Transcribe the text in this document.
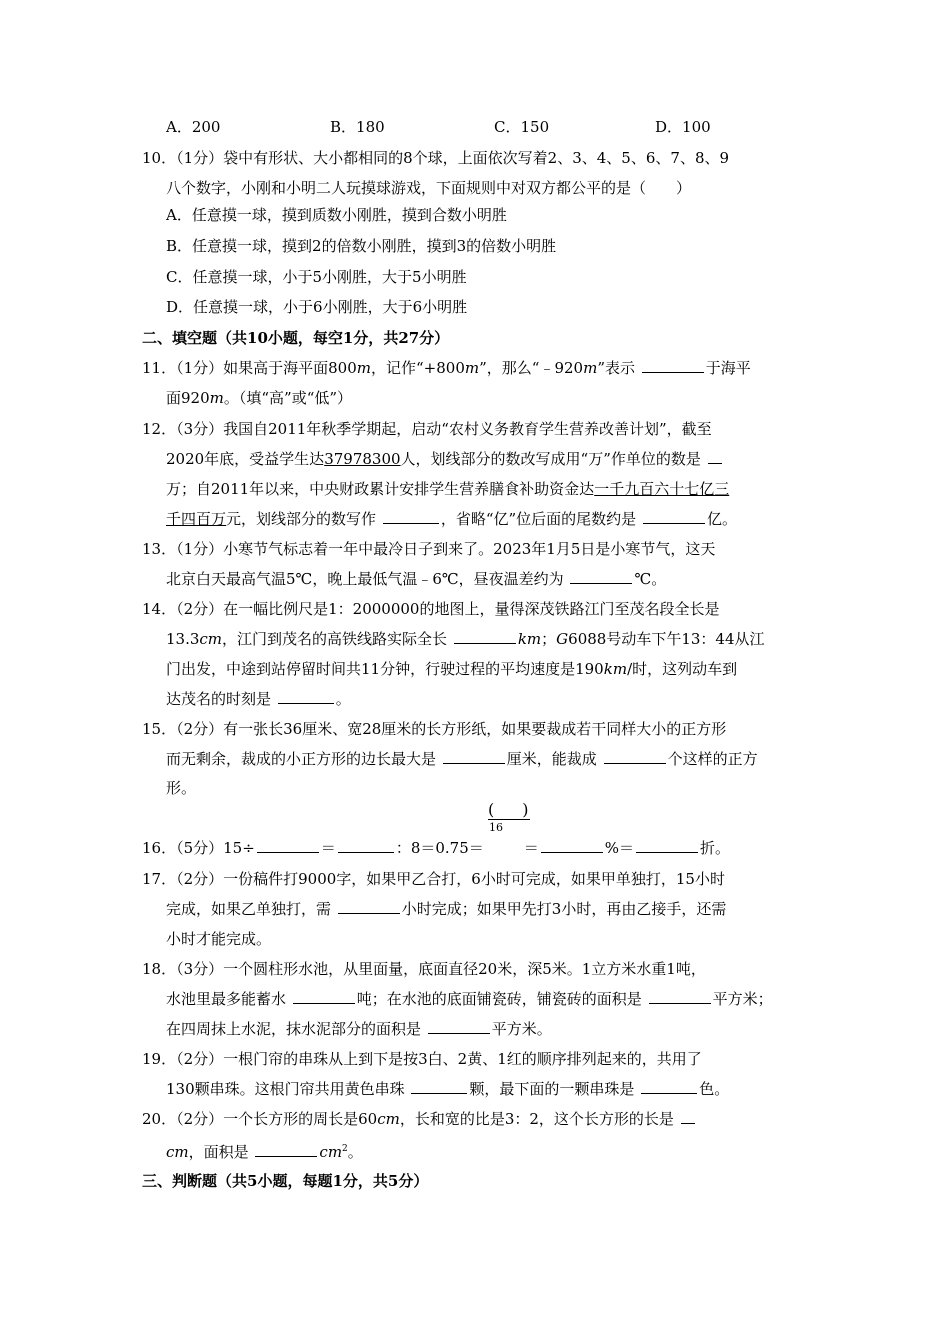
A．200	B．180	C．150	D．100
10．（1分）袋中有形状、大小都相同的8个球，上面依次写着2、3、4、5、6、7、8、9
八个数字，小刚和小明二人玩摸球游戏，下面规则中对双方都公平的是（　　）
A．任意摸一球，摸到质数小刚胜，摸到合数小明胜
B．任意摸一球，摸到2的倍数小刚胜，摸到3的倍数小明胜
C．任意摸一球，小于5小刚胜，大于5小明胜
D．任意摸一球，小于6小刚胜，大于6小明胜
二、填空题（共10小题，每空1分，共27分）
11．（1分）如果高于海平面800m，记作“+800m”，那么“﹣920m”表示	于海平
面920m。（填“高”或“低”）
12．（3分）我国自2011年秋季学期起，启动“农村义务教育学生营养改善计划”，截至
2020年底，受益学生达37978300人，划线部分的数改写成用“万”作单位的数是
万；自2011年以来，中央财政累计安排学生营养膳食补助资金达一千九百六十七亿三
千四百万元，划线部分的数写作	，省略“亿”位后面的尾数约是	亿。
13．（1分）小寒节气标志着一年中最冷日子到来了。2023年1月5日是小寒节气，这天
北京白天最高气温5℃，晚上最低气温﹣6℃，昼夜温差约为	℃。
14．（2分）在一幅比例尺是1：2000000的地图上，量得深茂铁路江门至茂名段全长是
13.3cm，江门到茂名的高铁线路实际全长	km；G6088号动车下午13：44从江
门出发，中途到站停留时间共11分钟，行驶过程的平均速度是190km/时，这列动车到
达茂名的时刻是	。
15．（2分）有一张长36厘米、宽28厘米的长方形纸，如果要裁成若干同样大小的正方形
而无剩余，裁成的小正方形的边长最大是	厘米，能裁成	个这样的正方
形。
()
16
16．（5分）15÷	＝	：8＝0.75＝	＝	%＝	折。
17．（2分）一份稿件打9000字，如果甲乙合打，6小时可完成，如果甲单独打，15小时
完成，如果乙单独打，需	小时完成；如果甲先打3小时，再由乙接手，还需
小时才能完成。
18．（3分）一个圆柱形水池，从里面量，底面直径20米，深5米。1立方米水重1吨，
水池里最多能蓄水	吨；在水池的底面铺瓷砖，铺瓷砖的面积是	平方米；
在四周抹上水泥，抹水泥部分的面积是	平方米。
19．（2分）一根门帘的串珠从上到下是按3白、2黄、1红的顺序排列起来的，共用了
130颗串珠。这根门帘共用黄色串珠	颗，最下面的一颗串珠是	色。
20．（2分）一个长方形的周长是60cm，长和宽的比是3：2，这个长方形的长是
cm，面积是	$cm^2$。
三、判断题（共5小题，每题1分，共5分）
